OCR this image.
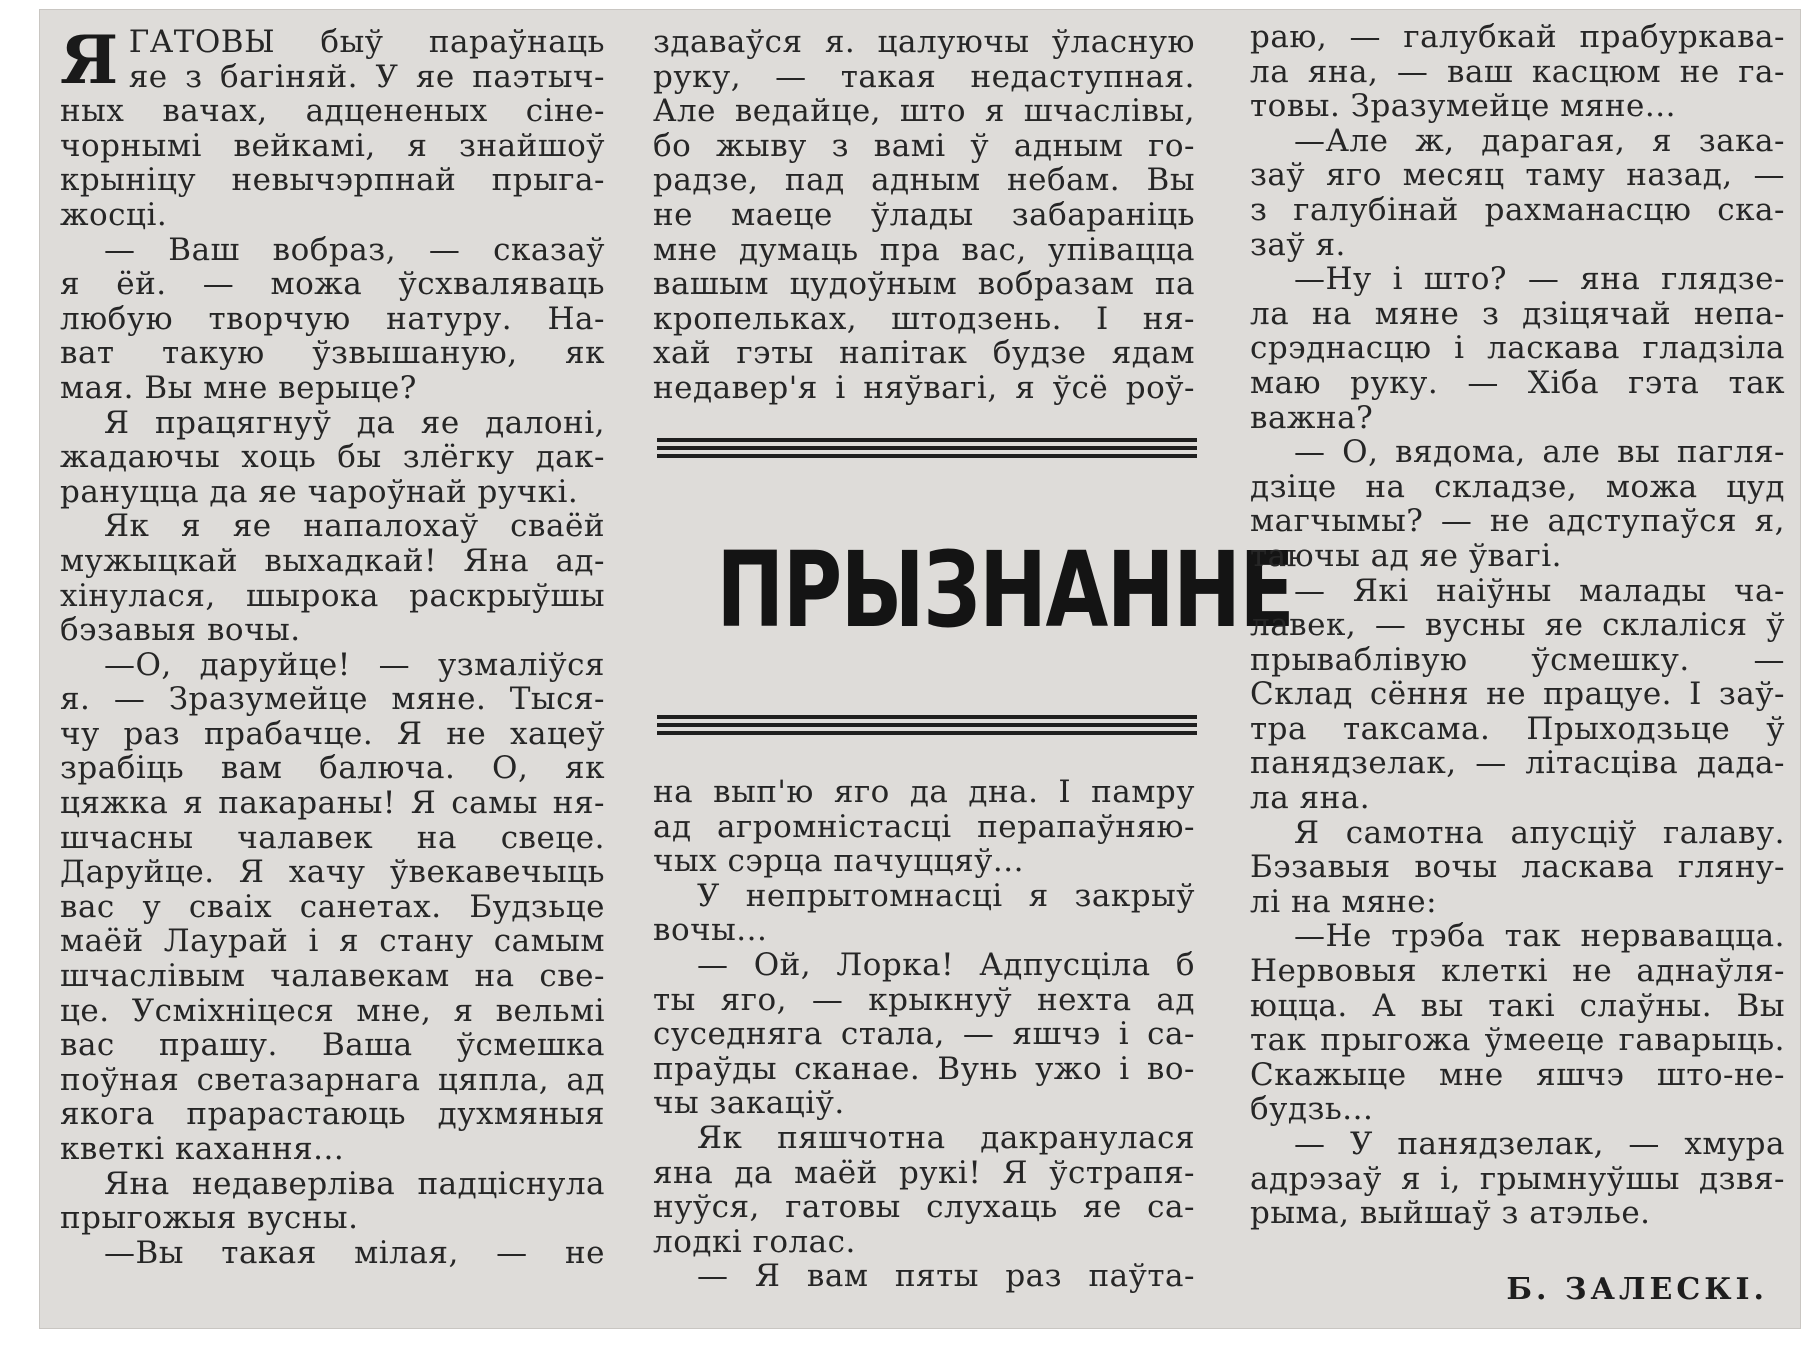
Я ГАТОВЫ быў параўнаць
яе з багіняй. У яе паэтыч-
ных вачах, адцененых сіне-
чорнымі вейкамі, я знайшоў
крыніцу невычэрпнай прыга-
жосці.
— Ваш вобраз, — сказаў
я ёй. — можа ўсхваляваць
любую творчую натуру. На-
ват такую ўзвышаную, як
мая. Вы мне верыце?
Я працягнуў да яе далоні,
жадаючы хоць бы злёгку дак-
рануцца да яе чароўнай ручкі.
Як я яе напалохаў сваёй
мужыцкай выхадкай! Яна ад-
хінулася, шырока раскрыўшы
бэзавыя вочы.
—О, даруйце! — узмаліўся
я. — Зразумейце мяне. Тыся-
чу раз прабачце. Я не хацеў
зрабіць вам балюча. О, як
цяжка я пакараны! Я самы ня-
шчасны чалавек на свеце.
Даруйце. Я хачу ўвекавечыць
вас у сваіх санетах. Будзьце
маёй Лаурай і я стану самым
шчаслівым чалавекам на све-
це. Усміхніцеся мне, я вельмі
вас прашу. Ваша ўсмешка
поўная светазарнага цяпла, ад
якога прарастаюць духмяныя
кветкі кахання...
Яна недаверліва падціснула
прыгожыя вусны.
—Вы такая мілая, — не
здаваўся я. цалуючы ўласную
руку, — такая недаступная.
Але ведайце, што я шчаслівы,
бо жыву з вамі ў адным го-
радзе, пад адным небам. Вы
не маеце ўлады забараніць
мне думаць пра вас, упівацца
вашым цудоўным вобразам па
кропельках, штодзень. І ня-
хай гэты напітак будзе ядам
недавер'я і няўвагі, я ўсё роў-
ПРЫЗНАННЕ
на вып'ю яго да дна. І памру
ад агромністасці перапаўняю-
чых сэрца пачуццяў...
У непрытомнасці я закрыў
вочы...
— Ой, Лорка! Адпусціла б
ты яго, — крыкнуў нехта ад
суседняга стала, — яшчэ і са-
праўды сканае. Вунь ужо і во-
чы закаціў.
Як пяшчотна дакранулася
яна да маёй рукі! Я ўстрапя-
нуўся, гатовы слухаць яе са-
лодкі голас.
— Я вам пяты раз паўта-
раю, — галубкай прабуркава-
ла яна, — ваш касцюм не га-
товы. Зразумейце мяне...
—Але ж, дарагая, я зака-
заў яго месяц таму назад, —
з галубінай рахманасцю ска-
заў я.
—Ну і што? — яна глядзе-
ла на мяне з дзіцячай непа-
срэднасцю і ласкава гладзіла
маю руку. — Хіба гэта так
важна?
— О, вядома, але вы пагля-
дзіце на складзе, можа цуд
магчымы? — не адступаўся я,
таючы ад яе ўвагі.
— Які наіўны малады ча-
лавек, — вусны яе склаліся ў
прываблівую ўсмешку. —
Склад сёння не працуе. І заў-
тра таксама. Прыходзьце ў
панядзелак, — літасціва дада-
ла яна.
Я самотна апусціў галаву.
Бэзавыя вочы ласкава глянy-
лі на мяне:
—Не трэба так нервавацца.
Нервовыя клеткі не аднаўля-
юцца. А вы такі слаўны. Вы
так прыгожа ўмееце гаварыць.
Скажыце мне яшчэ што-не-
будзь...
— У панядзелак, — хмура
адрэзаў я і, грымнуўшы дзвя-
рыма, выйшаў з атэлье.
Б. ЗАЛЕСКІ.
